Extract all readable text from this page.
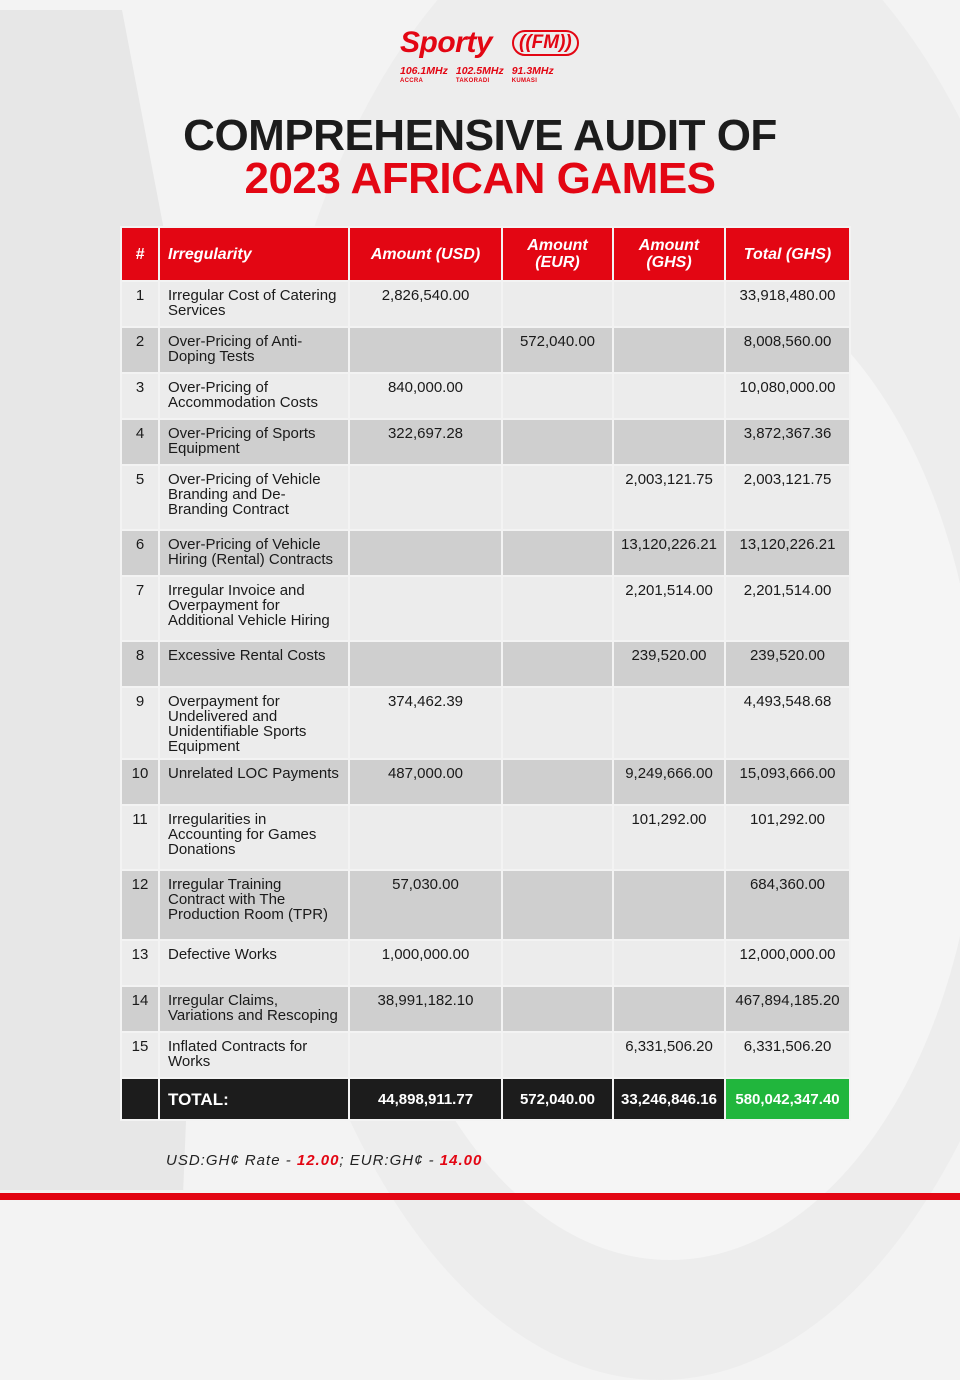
Sporty	((FM))
106.1MHz
ACCRA
102.5MHz
TAKORADI
91.3MHz
KUMASI
COMPREHENSIVE AUDIT OF
2023 AFRICAN GAMES
#	Irregularity	Amount (USD)	Amount (EUR)	Amount (GHS)	Total (GHS)
1	Irregular Cost of Catering Services	2,826,540.00			33,918,480.00
2	Over-Pricing of Anti-Doping Tests		572,040.00		8,008,560.00
3	Over-Pricing of Accommodation Costs	840,000.00			10,080,000.00
4	Over-Pricing of Sports Equipment	322,697.28			3,872,367.36
5	Over-Pricing of Vehicle Branding and De-Branding Contract			2,003,121.75	2,003,121.75
6	Over-Pricing of Vehicle Hiring (Rental) Contracts			13,120,226.21	13,120,226.21
7	Irregular Invoice and Overpayment for Additional Vehicle Hiring			2,201,514.00	2,201,514.00
8	Excessive Rental Costs			239,520.00	239,520.00
9	Overpayment for Undelivered and Unidentifiable Sports Equipment	374,462.39			4,493,548.68
10	Unrelated LOC Payments	487,000.00		9,249,666.00	15,093,666.00
11	Irregularities in Accounting for Games Donations			101,292.00	101,292.00
12	Irregular Training Contract with The Production Room (TPR)	57,030.00			684,360.00
13	Defective Works	1,000,000.00			12,000,000.00
14	Irregular Claims, Variations and Rescoping	38,991,182.10			467,894,185.20
15	Inflated Contracts for Works			6,331,506.20	6,331,506.20
	TOTAL:	44,898,911.77	572,040.00	33,246,846.16	580,042,347.40
USD:GH¢ Rate - 12.00; EUR:GH¢ - 14.00
